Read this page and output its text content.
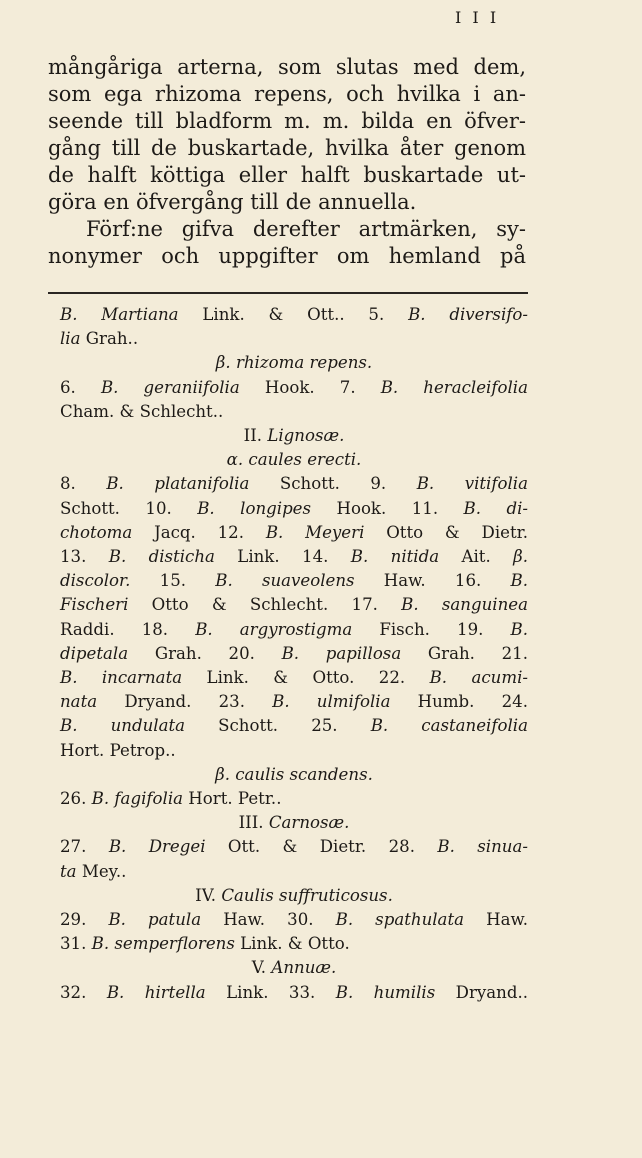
I I I
mångåriga arterna, som slutas med dem,
som ega rhizoma repens, och hvilka i an-
seende till bladform m. m. bilda en öfver-
gång till de buskartade, hvilka åter genom
de halft köttiga eller halft buskartade ut-
göra en öfvergång till de annuella.
Förf:ne gifva derefter artmärken, sy-
nonymer och uppgifter om hemland på
B. Martiana Link. & Ott.. 5. B. diversifo-
lia Grah..
β. rhizoma repens.
6. B. geraniifolia Hook. 7. B. heracleifolia
Cham. & Schlecht..
II. Lignosæ.
α. caules erecti.
8. B. platanifolia Schott. 9. B. vitifolia
Schott. 10. B. longipes Hook. 11. B. di-
chotoma Jacq. 12. B. Meyeri Otto & Dietr.
13. B. disticha Link. 14. B. nitida Ait. β.
discolor. 15. B. suaveolens Haw. 16. B.
Fischeri Otto & Schlecht. 17. B. sanguinea
Raddi. 18. B. argyrostigma Fisch. 19. B.
dipetala Grah. 20. B. papillosa Grah. 21.
B. incarnata Link. & Otto. 22. B. acumi-
nata Dryand. 23. B. ulmifolia Humb. 24.
B. undulata Schott. 25. B. castaneifolia
Hort. Petrop..
β. caulis scandens.
26. B. fagifolia Hort. Petr..
III. Carnosæ.
27. B. Dregei Ott. & Dietr. 28. B. sinua-
ta Mey..
IV. Caulis suffruticosus.
29. B. patula Haw. 30. B. spathulata Haw.
31. B. semperflorens Link. & Otto.
V. Annuæ.
32. B. hirtella Link. 33. B. humilis Dryand..
